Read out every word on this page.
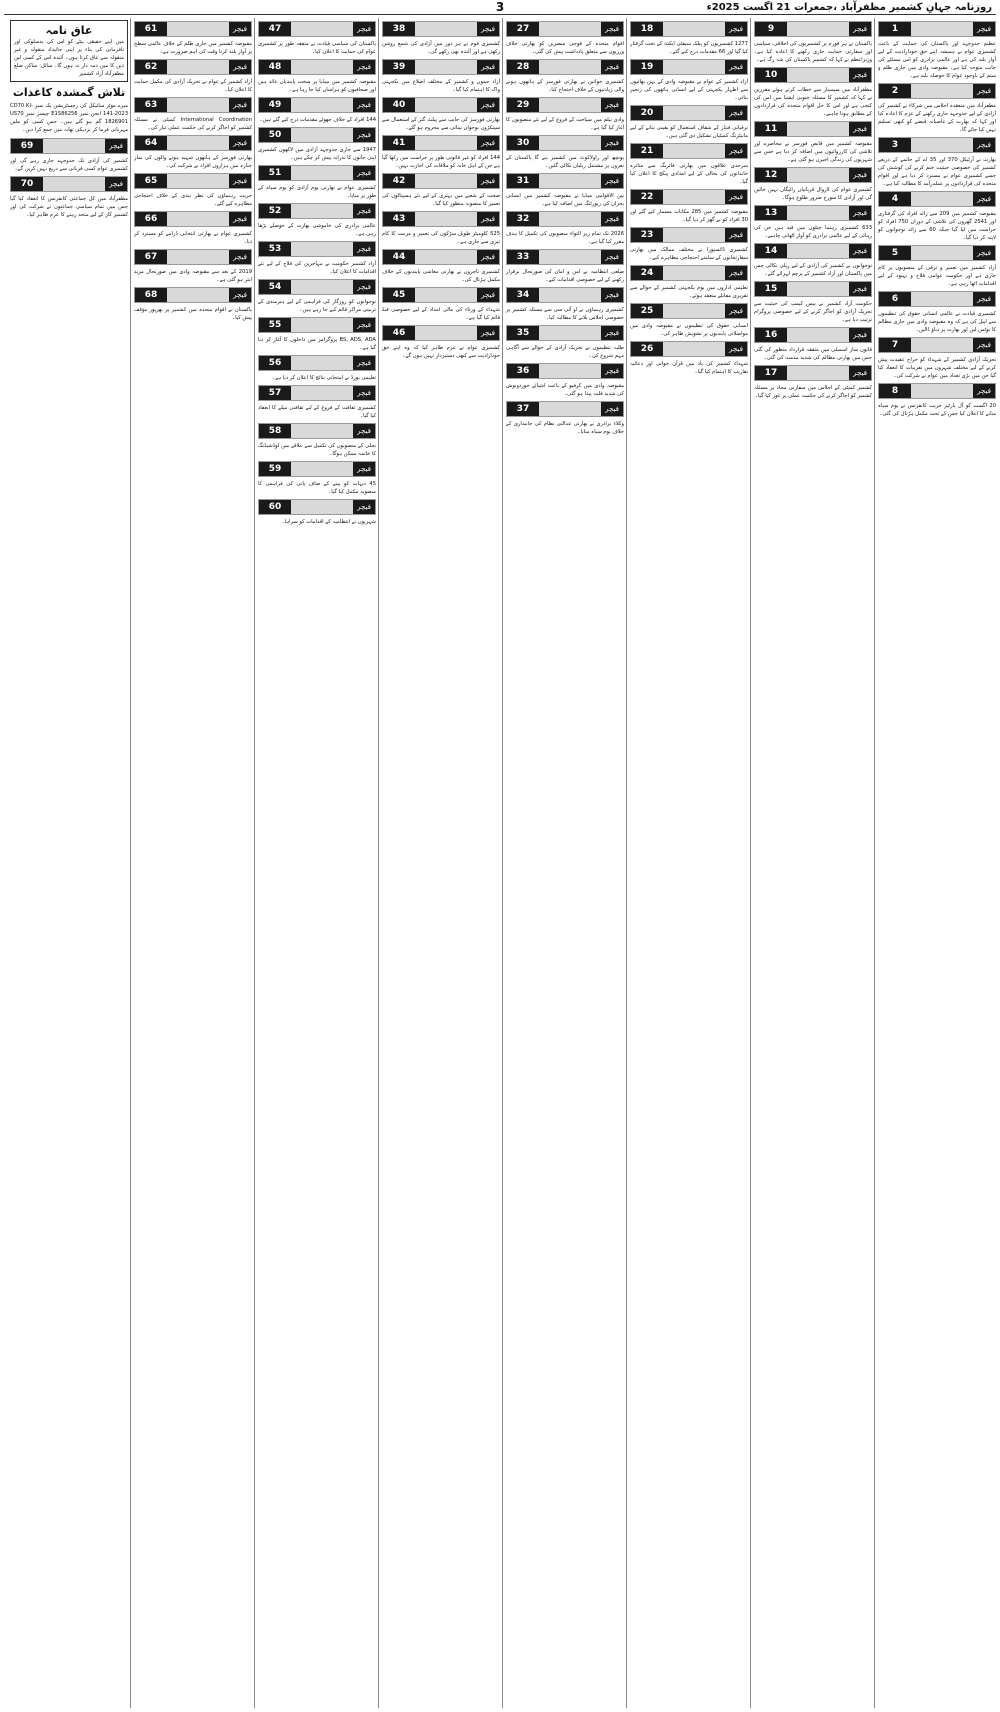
روزنامہ جہانِ کشمیر مظفرآباد ،جمعرات 21 اگست 2025ء
3
1	فیچر

عظیم جدوجہد اور پاکستان کی حمایت کے باعث کشمیری عوام نے ہمیشہ اپنے حق خودارادیت کے لیے آواز بلند کی ہے اور عالمی برادری کو اس مسئلے کی جانب متوجہ کیا ہے۔ مقبوضہ وادی میں جاری ظلم و ستم کے باوجود عوام کا حوصلہ بلند ہے۔

2	فیچر

مظفرآباد میں منعقدہ اجلاس میں شرکاء نے کشمیر کی آزادی کے لیے جدوجہد جاری رکھنے کے عزم کا اعادہ کیا اور کہا کہ بھارت کے غاصبانہ قبضے کو کبھی تسلیم نہیں کیا جائے گا۔

3	فیچر

بھارت نے آرٹیکل 370 اور 35 اے کے خاتمے کے ذریعے کشمیر کی خصوصی حیثیت ختم کرنے کی کوشش کی جسے کشمیری عوام نے مسترد کر دیا ہے اور اقوام متحدہ کی قراردادوں پر عملدرآمد کا مطالبہ کیا ہے۔

4	فیچر

مقبوضہ کشمیر میں 209 سے زائد افراد کی گرفتاری اور 2541 گھروں کی تلاشی کے دوران 750 افراد کو حراست میں لیا گیا جبکہ 60 سے زائد نوجوانوں کو لاپتہ کر دیا گیا۔

5	فیچر

آزاد کشمیر میں تعمیر و ترقی کے منصوبوں پر کام جاری ہے اور حکومت عوامی فلاح و بہبود کے لیے اقدامات اٹھا رہی ہے۔

6	فیچر

کشمیری قیادت نے عالمی انسانی حقوق کی تنظیموں سے اپیل کی ہے کہ وہ مقبوضہ وادی میں جاری مظالم کا نوٹس لیں اور بھارت پر دباؤ ڈالیں۔

7	فیچر

تحریک آزادی کشمیر کے شہداء کو خراج عقیدت پیش کرنے کے لیے مختلف شہروں میں تقریبات کا انعقاد کیا گیا جن میں بڑی تعداد میں عوام نے شرکت کی۔

8	فیچر

20 اگست کو آل پارٹیز حریت کانفرنس نے یوم سیاہ منانے کا اعلان کیا جس کے تحت مکمل ہڑتال کی گئی۔

9	فیچر

پاکستان نے ہر فورم پر کشمیریوں کی اخلاقی، سیاسی اور سفارتی حمایت جاری رکھنے کا اعادہ کیا ہے۔ وزیراعظم نے کہا کہ کشمیر پاکستان کی شہ رگ ہے۔

10	فیچر

مظفرآباد میں سیمینار سے خطاب کرتے ہوئے مقررین نے کہا کہ کشمیر کا مسئلہ جنوبی ایشیا میں امن کی کنجی ہے اور اس کا حل اقوام متحدہ کی قراردادوں کے مطابق ہونا چاہیے۔

11	فیچر

مقبوضہ کشمیر میں قابض فورسز نے محاصرے اور تلاشی کی کارروائیوں میں اضافہ کر دیا ہے جس سے شہریوں کی زندگی اجیرن ہو گئی ہے۔

12	فیچر

کشمیری عوام کی لازوال قربانیاں رائیگاں نہیں جائیں گی اور آزادی کا سورج ضرور طلوع ہوگا۔

13	فیچر

633 کشمیری رہنما جیلوں میں قید ہیں جن کی رہائی کے لیے عالمی برادری کو آواز اٹھانی چاہیے۔

14	فیچر

نوجوانوں نے کشمیر کی آزادی کے لیے ریلی نکالی جس میں پاکستان اور آزاد کشمیر کے پرچم لہرائے گئے۔

15	فیچر

حکومت آزاد کشمیر نے بیس کیمپ کی حیثیت سے تحریک آزادی کو اجاگر کرنے کے لیے خصوصی پروگرام ترتیب دیا ہے۔

16	فیچر

قانون ساز اسمبلی میں متفقہ قرارداد منظور کی گئی جس میں بھارتی مظالم کی شدید مذمت کی گئی۔

17	فیچر

کشمیر کمیٹی کے اجلاس میں سفارتی محاذ پر مسئلہ کشمیر کو اجاگر کرنے کی حکمت عملی پر غور کیا گیا۔

18	فیچر

1277 کشمیریوں کو پبلک سیفٹی ایکٹ کے تحت گرفتار کیا گیا اور 66 مقدمات درج کیے گئے۔

19	فیچر

آزاد کشمیر کے عوام نے مقبوضہ وادی کے بہن بھائیوں سے اظہار یکجہتی کے لیے انسانی ہاتھوں کی زنجیر بنائی۔

20	فیچر

ترقیاتی فنڈز کے شفاف استعمال کو یقینی بنانے کے لیے مانیٹرنگ کمیٹیاں تشکیل دی گئی ہیں۔

21	فیچر

سرحدی علاقوں میں بھارتی فائرنگ سے متاثرہ خاندانوں کی بحالی کے لیے امدادی پیکج کا اعلان کیا گیا۔

22	فیچر

مقبوضہ کشمیر میں 285 مکانات مسمار کیے گئے اور 30 افراد کو بے گھر کر دیا گیا۔

23	فیچر

کشمیری ڈائسپورا نے مختلف ممالک میں بھارتی سفارتخانوں کے سامنے احتجاجی مظاہرے کیے۔

24	فیچر

تعلیمی اداروں میں یوم یکجہتی کشمیر کے حوالے سے تقریری مقابلے منعقد ہوئے۔

25	فیچر

انسانی حقوق کی تنظیموں نے مقبوضہ وادی میں مواصلاتی پابندیوں پر تشویش ظاہر کی۔

26	فیچر

شہداء کشمیر کی یاد میں قرآن خوانی اور دعائیہ تقاریب کا اہتمام کیا گیا۔

27	فیچر

اقوام متحدہ کے فوجی مبصرین کو بھارتی خلاف ورزیوں سے متعلق یادداشت پیش کی گئی۔

28	فیچر

کشمیری خواتین نے بھارتی فورسز کے ہاتھوں ہونے والی زیادتیوں کے خلاف احتجاج کیا۔

29	فیچر

وادی نیلم میں سیاحت کے فروغ کے لیے نئے منصوبوں کا آغاز کیا گیا ہے۔

30	فیچر

پونچھ اور راولاکوٹ میں کشمیر بنے گا پاکستان کے نعروں پر مشتمل ریلیاں نکالی گئیں۔

31	فیچر

بین الاقوامی میڈیا نے مقبوضہ کشمیر میں انسانی بحران کی رپورٹنگ میں اضافہ کیا ہے۔

32	فیچر

2026 تک تمام زیر التواء منصوبوں کی تکمیل کا ہدف مقرر کیا گیا ہے۔

33	فیچر

ضلعی انتظامیہ نے امن و امان کی صورتحال برقرار رکھنے کے لیے خصوصی اقدامات کیے۔

34	فیچر

کشمیری رہنماؤں نے او آئی سی سے مسئلہ کشمیر پر خصوصی اجلاس بلانے کا مطالبہ کیا۔

35	فیچر

طلبہ تنظیموں نے تحریک آزادی کے حوالے سے آگاہی مہم شروع کی۔

36	فیچر

مقبوضہ وادی میں کرفیو کے باعث اشیائے خوردونوش کی شدید قلت پیدا ہو گئی۔

37	فیچر

وکلاء برادری نے بھارتی عدالتی نظام کی جانبداری کے خلاف یوم سیاہ منایا۔

38	فیچر

کشمیری قوم نے ہر دور میں آزادی کی شمع روشن رکھی ہے اور آئندہ بھی رکھے گی۔

39	فیچر

آزاد جموں و کشمیر کے مختلف اضلاع میں یکجہتی واک کا اہتمام کیا گیا۔

40	فیچر

بھارتی فورسز کی جانب سے پیلٹ گنز کے استعمال سے سینکڑوں نوجوان بینائی سے محروم ہو گئے۔

41	فیچر

144 افراد کو غیر قانونی طور پر حراست میں رکھا گیا ہے جن کے اہل خانہ کو ملاقات کی اجازت نہیں۔

42	فیچر

صحت کے شعبے میں بہتری کے لیے نئے ہسپتالوں کی تعمیر کا منصوبہ منظور کیا گیا۔

43	فیچر

525 کلومیٹر طویل سڑکوں کی تعمیر و مرمت کا کام تیزی سے جاری ہے۔

44	فیچر

کشمیری تاجروں نے بھارتی معاشی پابندیوں کے خلاف مکمل ہڑتال کی۔

45	فیچر

شہداء کے ورثاء کی مالی امداد کے لیے خصوصی فنڈ قائم کیا گیا ہے۔

46	فیچر

کشمیری عوام نے عزم ظاہر کیا کہ وہ اپنے حق خودارادیت سے کبھی دستبردار نہیں ہوں گے۔

47	فیچر

پاکستان کی سیاسی قیادت نے متفقہ طور پر کشمیری عوام کی حمایت کا اعلان کیا۔

48	فیچر

مقبوضہ کشمیر میں میڈیا پر سخت پابندیاں عائد ہیں اور صحافیوں کو ہراساں کیا جا رہا ہے۔

49	فیچر

144 افراد کے خلاف جھوٹے مقدمات درج کیے گئے ہیں۔

50	فیچر

1947 سے جاری جدوجہد آزادی میں لاکھوں کشمیری اپنی جانوں کا نذرانہ پیش کر چکے ہیں۔

51	فیچر

کشمیری عوام نے بھارتی یوم آزادی کو یوم سیاہ کے طور پر منایا۔

52	فیچر

عالمی برادری کی خاموشی بھارت کے حوصلے بڑھا رہی ہے۔

53	فیچر

آزاد کشمیر حکومت نے مہاجرین کی فلاح کے لیے نئے اقدامات کا اعلان کیا۔

54	فیچر

نوجوانوں کو روزگار کی فراہمی کے لیے ہنرمندی کے تربیتی مراکز قائم کیے جا رہے ہیں۔

55	فیچر

BS, ADS, ADA پروگرامز میں داخلوں کا آغاز کر دیا گیا ہے۔

56	فیچر

تعلیمی بورڈ نے امتحانی نتائج کا اعلان کر دیا ہے۔

57	فیچر

کشمیری ثقافت کے فروغ کے لیے ثقافتی میلے کا انعقاد کیا گیا۔

58	فیچر

بجلی کے منصوبوں کی تکمیل سے علاقے میں لوڈشیڈنگ کا خاتمہ ممکن ہوگا۔

59	فیچر

45 دیہات کو پینے کے صاف پانی کی فراہمی کا منصوبہ مکمل کیا گیا۔

60	فیچر

شہریوں نے انتظامیہ کے اقدامات کو سراہا۔

61	فیچر

مقبوضہ کشمیر میں جاری ظلم کے خلاف عالمی سطح پر آواز بلند کرنا وقت کی اہم ضرورت ہے۔

62	فیچر

آزاد کشمیر کے عوام نے تحریک آزادی کی مکمل حمایت کا اعلان کیا۔

63	فیچر

International Coordination کمیٹی نے مسئلہ کشمیر کو اجاگر کرنے کی حکمت عملی تیار کی۔

64	فیچر

بھارتی فورسز کے ہاتھوں شہید ہونے والوں کی نماز جنازہ میں ہزاروں افراد نے شرکت کی۔

65	فیچر

حریت رہنماؤں کی نظر بندی کے خلاف احتجاجی مظاہرے کیے گئے۔

66	فیچر

کشمیری عوام نے بھارتی انتخابی ڈرامے کو مسترد کر دیا۔

67	فیچر

2019 کے بعد سے مقبوضہ وادی میں صورتحال مزید ابتر ہو گئی ہے۔

68	فیچر

پاکستان نے اقوام متحدہ میں کشمیر پر بھرپور مؤقف پیش کیا۔

عاق نامہ
میں اپنے حقیقی بیٹے کو اس کی بدسلوکی اور نافرمانی کی بناء پر اپنی جائیداد منقولہ و غیر منقولہ سے عاق کرتا ہوں۔ آئندہ اس کے کسی لین دین کا میں ذمہ دار نہ ہوں گا۔ سائل: ساکن ضلع مظفرآباد آزاد کشمیر
تلاش گمشدہ کاغذات
میرے موٹر سائیکل کی رجسٹریشن بک نمبر CD70 KI-141-2023 انجن نمبر E1S86256 چیسز نمبر US70 1826901 گم ہو گئے ہیں۔ جس کسی کو ملیں مہربانی فرما کر نزدیکی تھانہ میں جمع کرا دیں۔
69	فیچر

کشمیر کی آزادی تک جدوجہد جاری رہے گی اور کشمیری عوام کسی قربانی سے دریغ نہیں کریں گے۔

70	فیچر

مظفرآباد میں کل جماعتی کانفرنس کا انعقاد کیا گیا جس میں تمام سیاسی جماعتوں نے شرکت کی اور کشمیر کاز کے لیے متحد رہنے کا عزم ظاہر کیا۔
